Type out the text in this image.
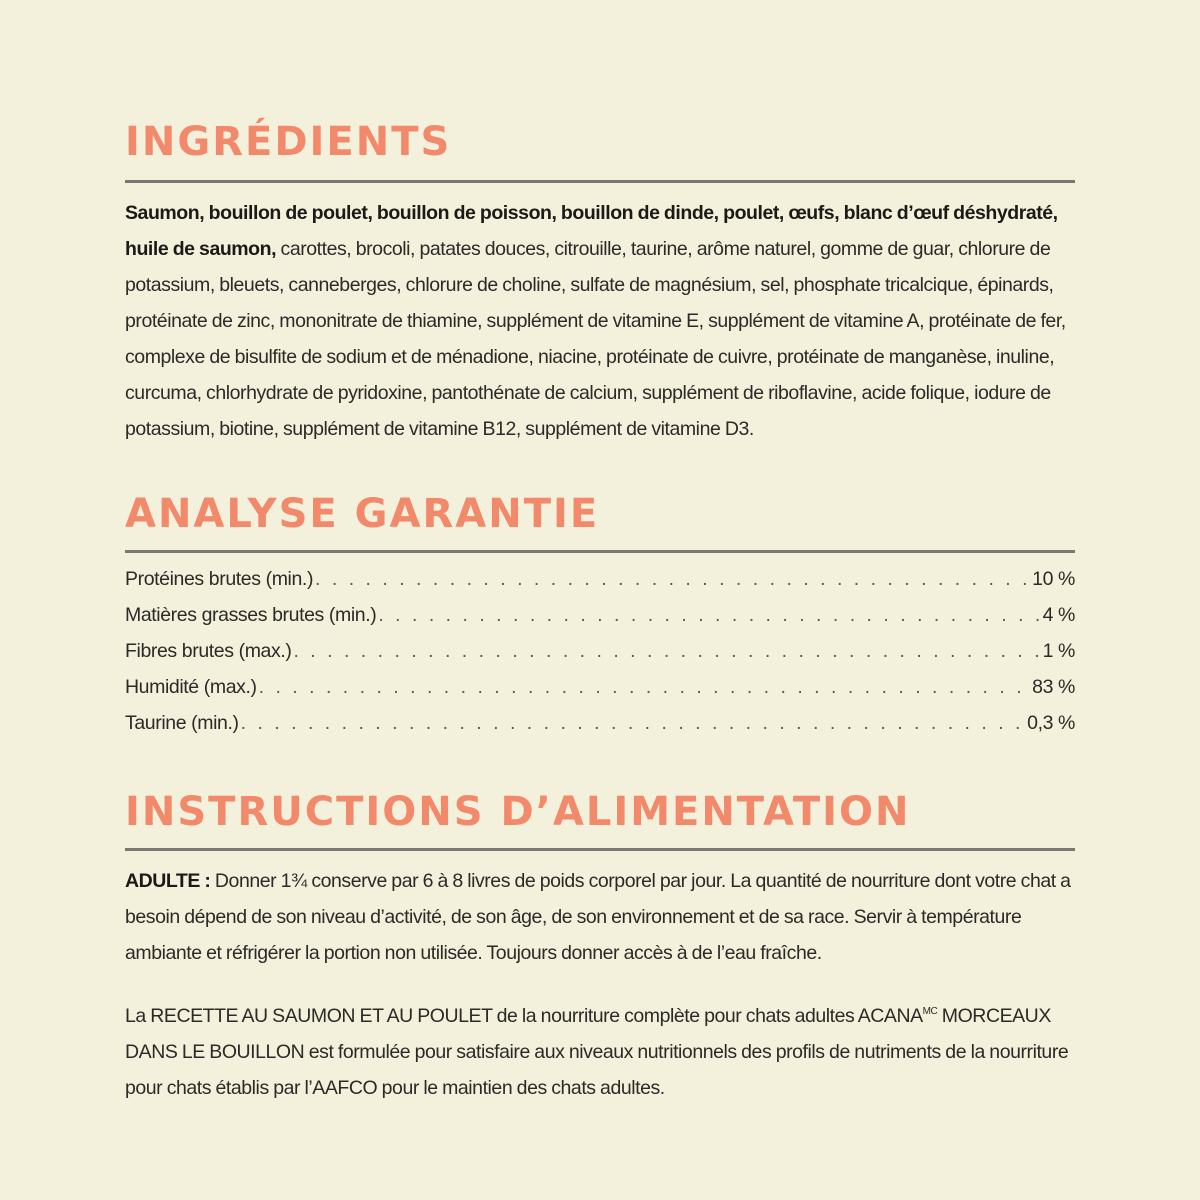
INGRÉDIENTS

Saumon, bouillon de poulet, bouillon de poisson, bouillon de dinde, poulet, œufs, blanc d’œuf déshydraté, huile de saumon, carottes, brocoli, patates douces, citrouille, taurine, arôme naturel, gomme de guar, chlorure de potassium, bleuets, canneberges, chlorure de choline, sulfate de magnésium, sel, phosphate tricalcique, épinards, protéinate de zinc, mononitrate de thiamine, supplément de vitamine E, supplément de vitamine A, protéinate de fer, complexe de bisulfite de sodium et de ménadione, niacine, protéinate de cuivre, protéinate de manganèse, inuline, curcuma, chlorhydrate de pyridoxine, pantothénate de calcium, supplément de riboflavine, acide folique, iodure de potassium, biotine, supplément de vitamine B12, supplément de vitamine D3.

ANALYSE GARANTIE
Protéines brutes (min.) . . .	10 %
Matières grasses brutes (min.) . . .	4 %
Fibres brutes (max.) . . .	1 %
Humidité (max.) . . .	83 %
Taurine (min.) . . .	0,3 %
INSTRUCTIONS D’ALIMENTATION

ADULTE : Donner 1¾ conserve par 6 à 8 livres de poids corporel par jour. La quantité de nourriture dont votre chat a besoin dépend de son niveau d’activité, de son âge, de son environnement et de sa race. Servir à température ambiante et réfrigérer la portion non utilisée. Toujours donner accès à de l’eau fraîche.

La RECETTE AU SAUMON ET AU POULET de la nourriture complète pour chats adultes $ACANA^{MC}$ MORCEAUX DANS LE BOUILLON est formulée pour satisfaire aux niveaux nutritionnels des profils de nutriments de la nourriture pour chats établis par l’AAFCO pour le maintien des chats adultes.
